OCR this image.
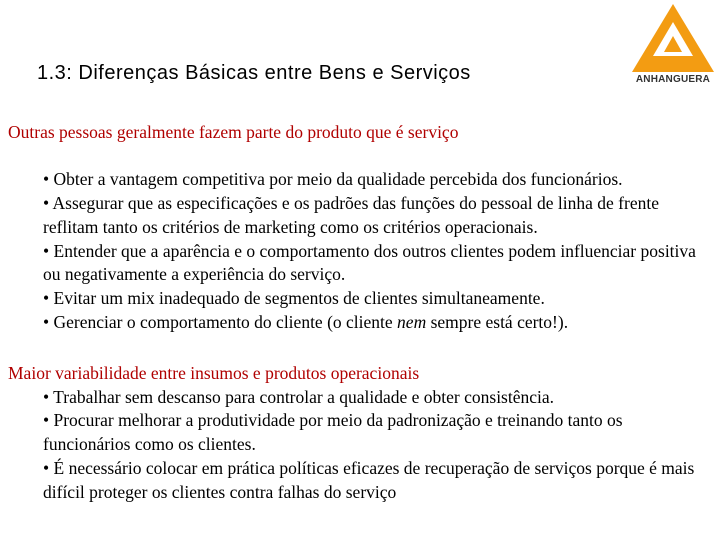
1.3: Diferenças Básicas entre Bens e Serviços	ANHANGUERA
Outras pessoas geralmente fazem parte do produto que é serviço
• Obter a vantagem competitiva por meio da qualidade percebida dos funcionários.
• Assegurar que as especificações e os padrões das funções do pessoal de linha de frente reflitam tanto os critérios de marketing como os critérios operacionais.
• Entender que a aparência e o comportamento dos outros clientes podem influenciar positiva ou negativamente a experiência do serviço.
• Evitar um mix inadequado de segmentos de clientes simultaneamente.
• Gerenciar o comportamento do cliente (o cliente nem sempre está certo!).
Maior variabilidade entre insumos e produtos operacionais
• Trabalhar sem descanso para controlar a qualidade e obter consistência.
• Procurar melhorar a produtividade por meio da padronização e treinando tanto os funcionários como os clientes.
• É necessário colocar em prática políticas eficazes de recuperação de serviços porque é mais difícil proteger os clientes contra falhas do serviço
